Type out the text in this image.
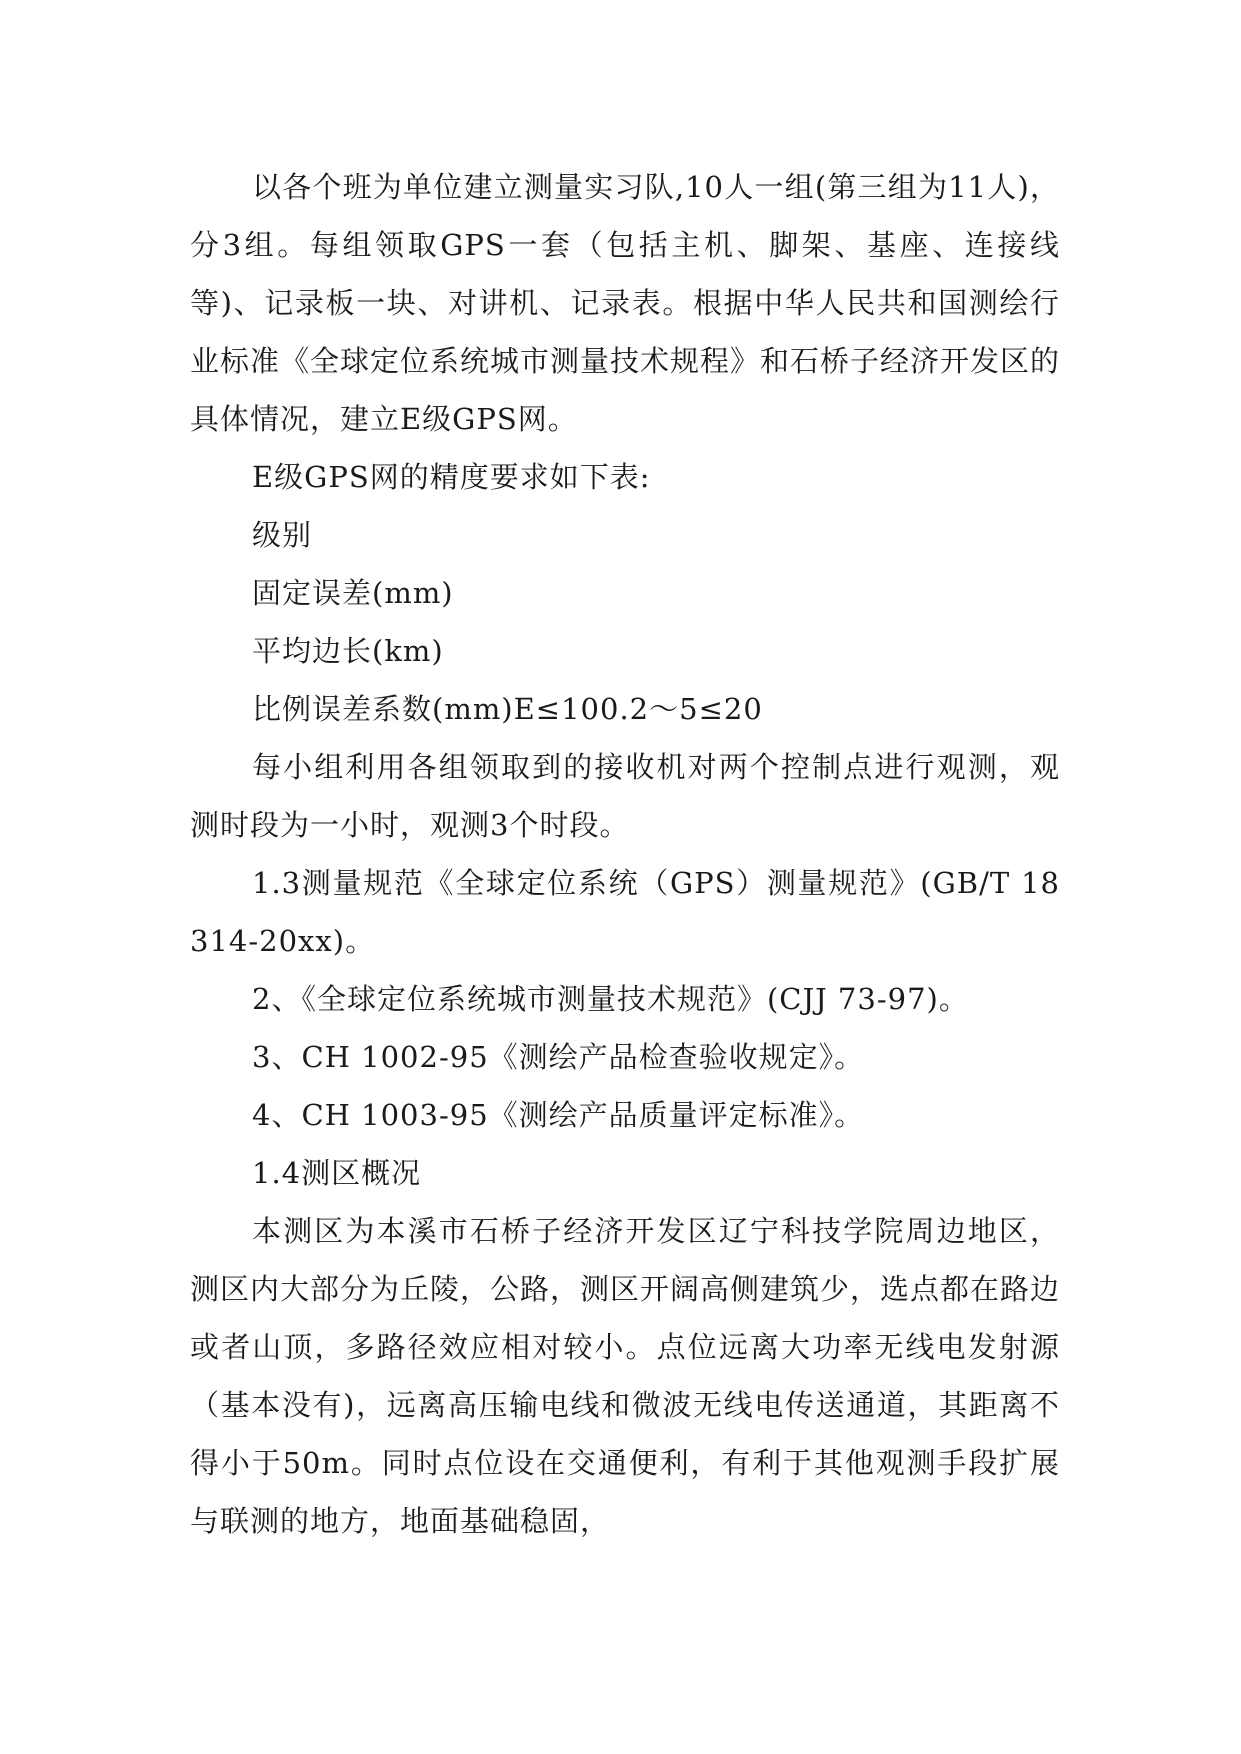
以各个班为单位建立测量实习队,10人一组(第三组为11人)，分3组。每组领取GPS一套（包括主机、脚架、基座、连接线等)、记录板一块、对讲机、记录表。根据中华人民共和国测绘行业标准《全球定位系统城市测量技术规程》和石桥子经济开发区的具体情况，建立E级GPS网。

E级GPS网的精度要求如下表:

级别

固定误差(mm)

平均边长(km)

比例误差系数(mm)E≤100.2～5≤20

每小组利用各组领取到的接收机对两个控制点进行观测，观测时段为一小时，观测3个时段。

1.3测量规范《全球定位系统（GPS）测量规范》(GB/T 18314-20xx)。

2、《全球定位系统城市测量技术规范》(CJJ 73-97)。

3、CH 1002-95《测绘产品检查验收规定》。

4、CH 1003-95《测绘产品质量评定标准》。

1.4测区概况

本测区为本溪市石桥子经济开发区辽宁科技学院周边地区，测区内大部分为丘陵，公路，测区开阔高侧建筑少，选点都在路边或者山顶，多路径效应相对较小。点位远离大功率无线电发射源（基本没有)，远离高压输电线和微波无线电传送通道，其距离不得小于50m。同时点位设在交通便利，有利于其他观测手段扩展与联测的地方，地面基础稳固，
